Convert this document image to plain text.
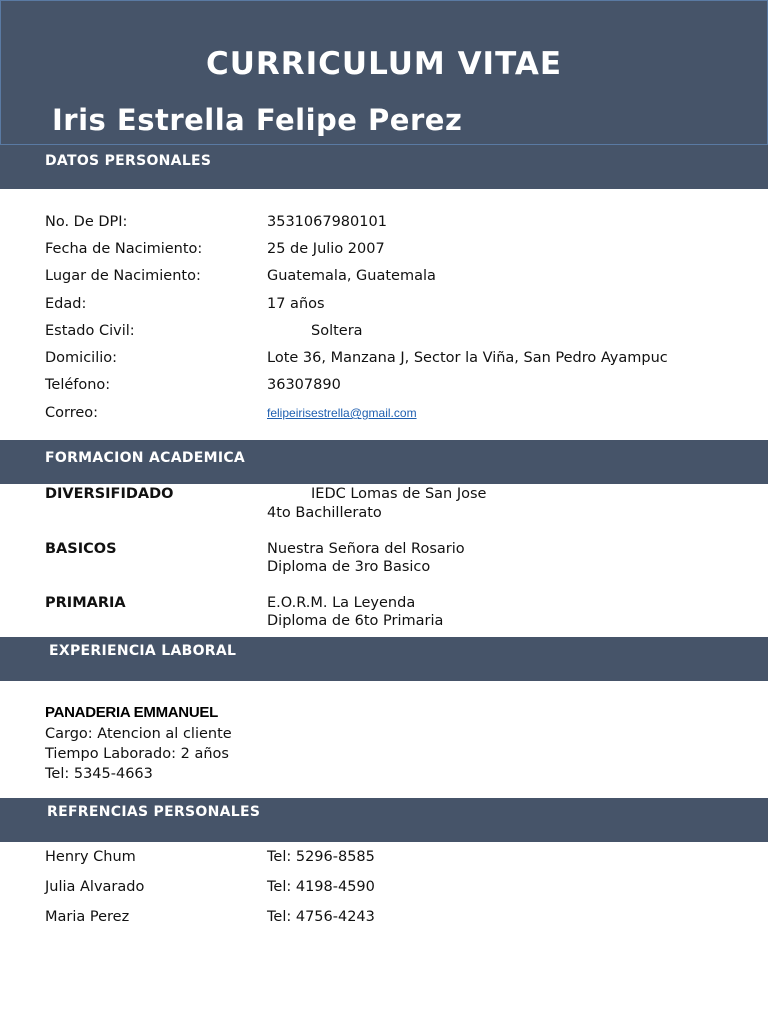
CURRICULUM VITAE
Iris Estrella Felipe Perez
DATOS PERSONALES
No. De DPI:	3531067980101
Fecha de Nacimiento:	25 de Julio 2007
Lugar de Nacimiento:	Guatemala, Guatemala
Edad:	17 años
Estado Civil:	Soltera
Domicilio:	Lote 36, Manzana J, Sector la Viña, San Pedro Ayampuc
Teléfono:	36307890
Correo:	felipeirisestrella@gmail.com
FORMACION ACADEMICA
DIVERSIFIDADO	IEDC Lomas de San Jose
4to Bachillerato
BASICOS	Nuestra Señora del Rosario
Diploma de 3ro Basico
PRIMARIA	E.O.R.M. La Leyenda
Diploma de 6to Primaria
EXPERIENCIA LABORAL
PANADERIA EMMANUEL
Cargo: Atencion al cliente
Tiempo Laborado: 2 años
Tel: 5345-4663
REFRENCIAS PERSONALES
Henry Chum	Tel: 5296-8585
Julia Alvarado	Tel: 4198-4590
Maria Perez	Tel: 4756-4243
